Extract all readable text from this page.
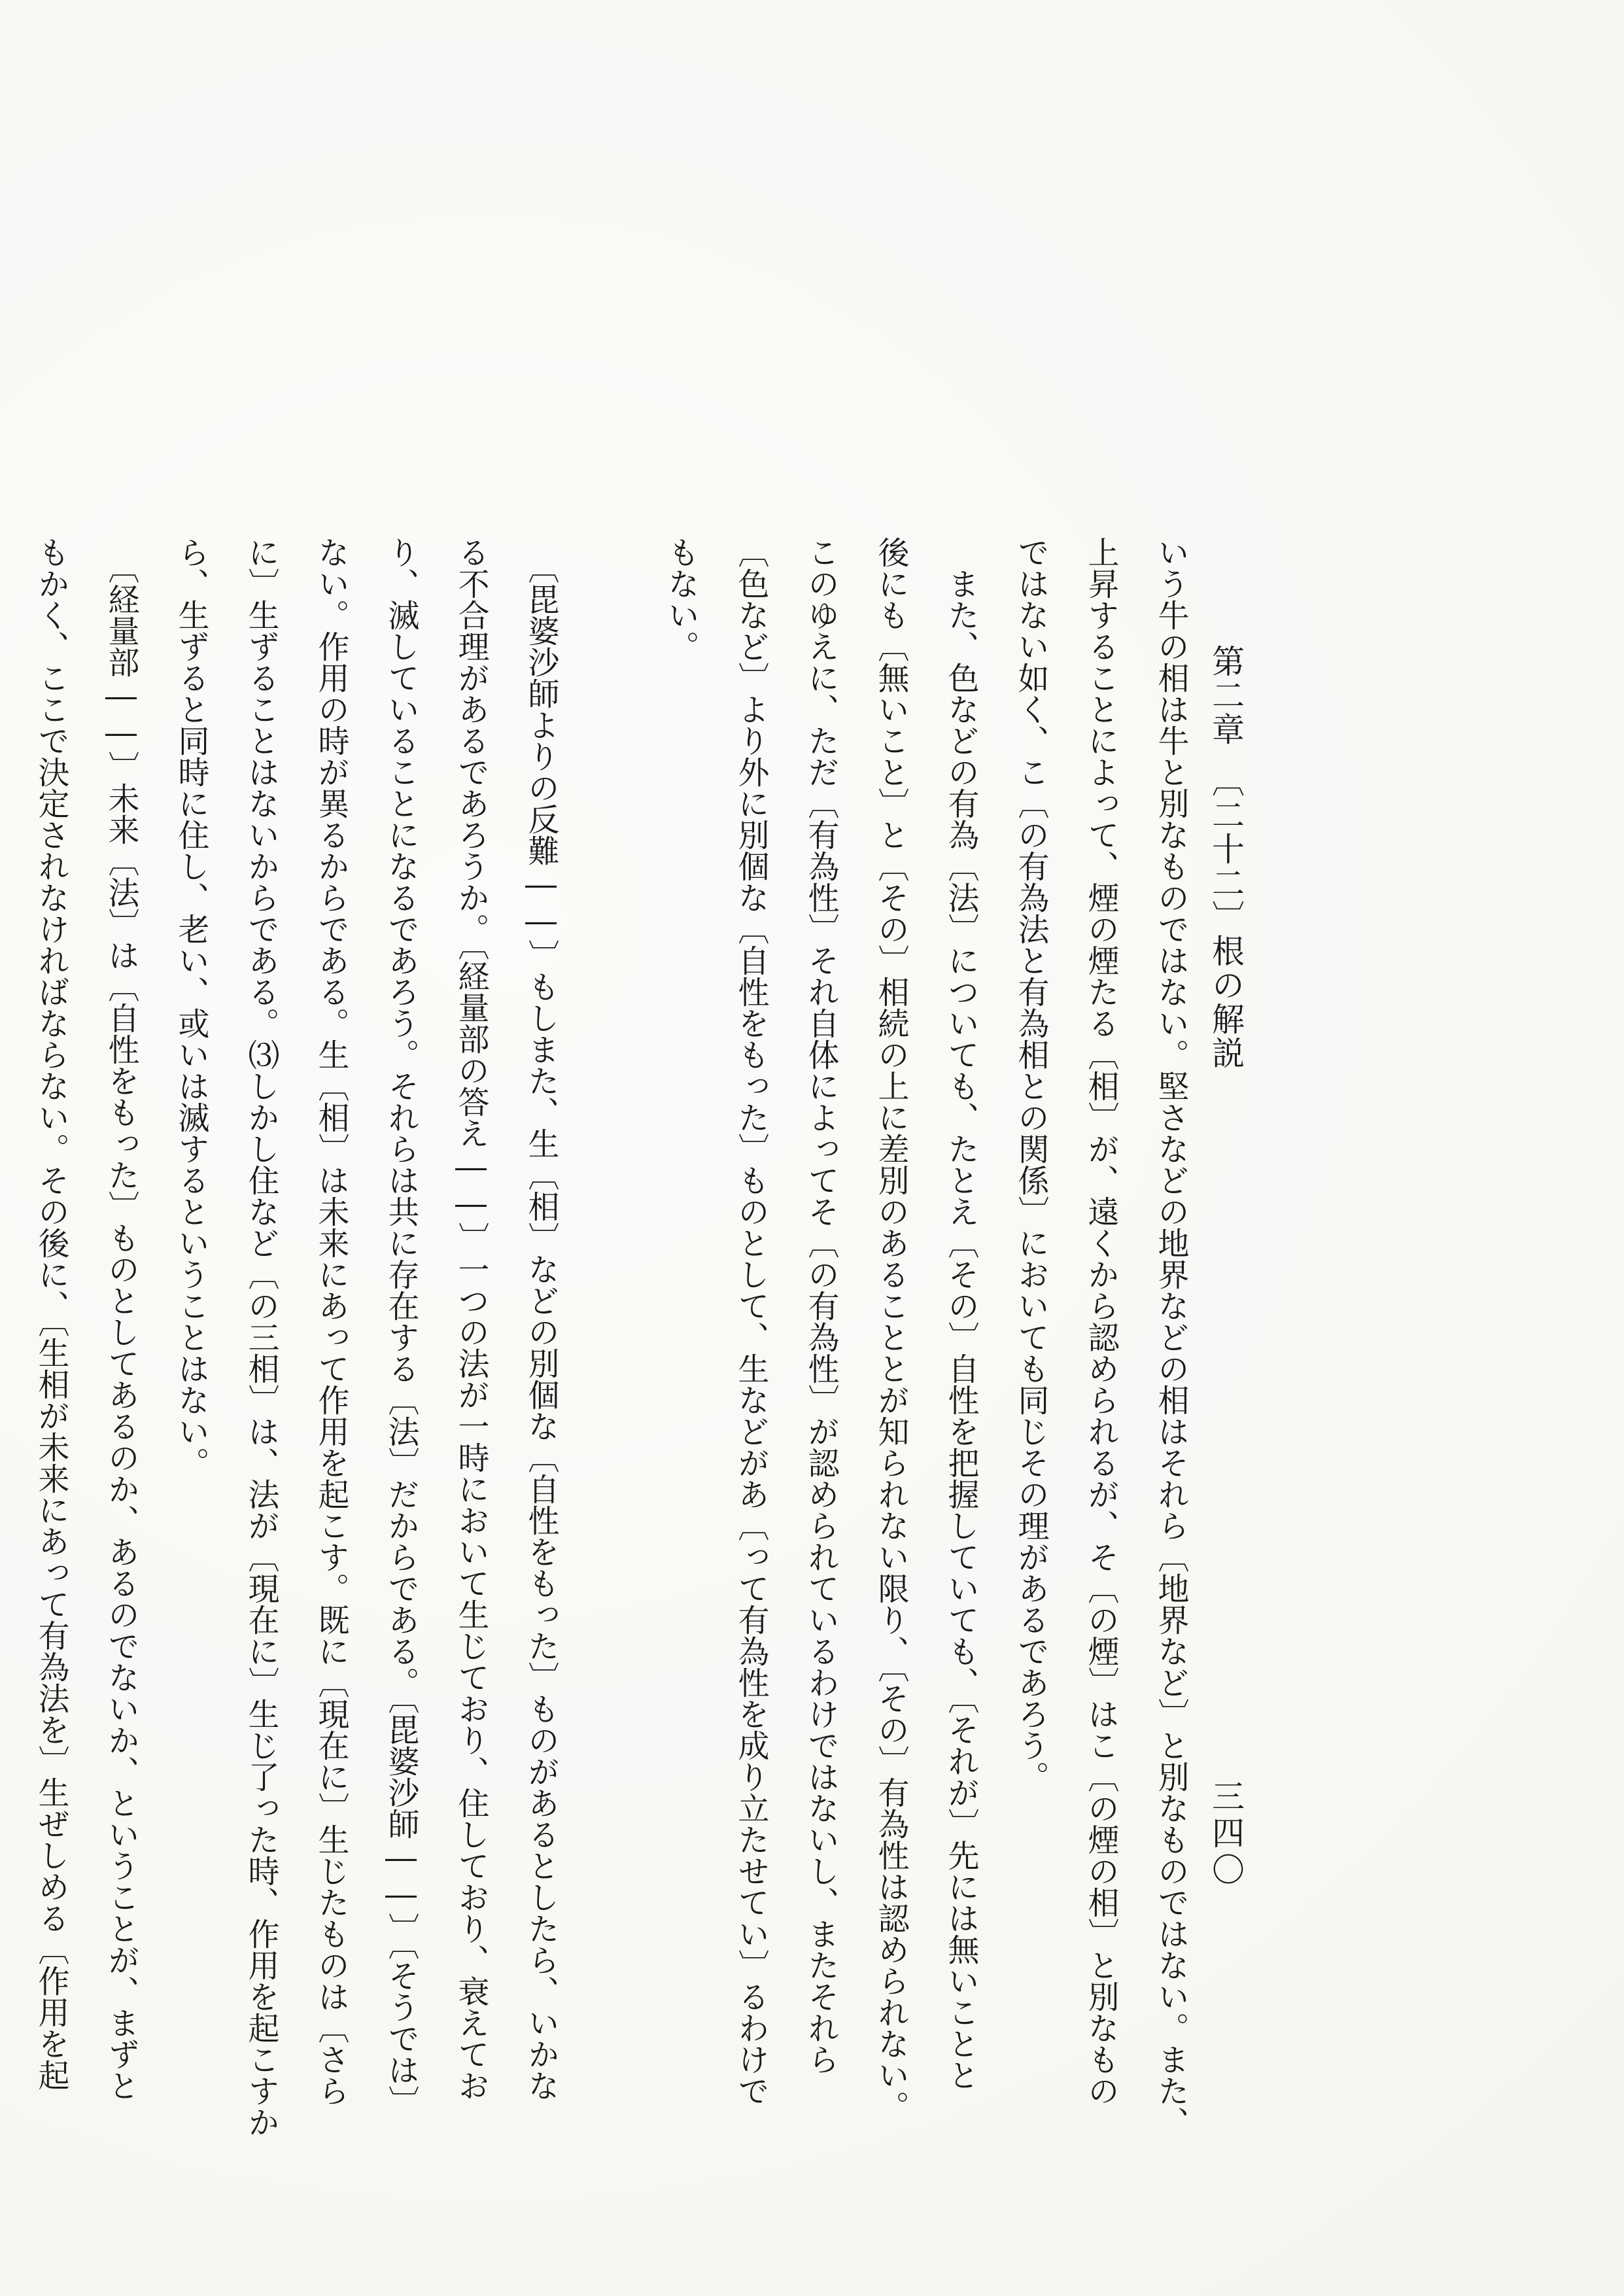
第二章　〔二十二〕根の解説
三四〇
いう牛の相は牛と別なものではない。堅さなどの地界などの相はそれら〔地界など〕と別なものではない。また、
上昇することによって、煙の煙たる〔相〕が、遠くから認められるが、そ〔の煙〕はこ〔の煙の相〕と別なもの
ではない如く、こ〔の有為法と有為相との関係〕においても同じその理があるであろう。
　また、色などの有為〔法〕についても、たとえ〔その〕自性を把握していても、〔それが〕先には無いことと
後にも〔無いこと〕と〔その〕相続の上に差別のあることとが知られない限り、〔その〕有為性は認められない。
このゆえに、ただ〔有為性〕それ自体によってそ〔の有為性〕が認められているわけではないし、またそれら
〔色など〕より外に別個な〔自性をもった〕ものとして、生などがあ〔って有為性を成り立たせてい〕るわけで
もない。
　〔毘婆沙師よりの反難――〕もしまた、生〔相〕などの別個な〔自性をもった〕ものがあるとしたら、いかな
る不合理があるであろうか。〔経量部の答え――〕一つの法が一時において生じており、住しており、衰えてお
り、滅していることになるであろう。それらは共に存在する〔法〕だからである。〔毘婆沙師――〕〔そうでは〕
ない。作用の時が異るからである。生〔相〕は未来にあって作用を起こす。既に〔現在に〕生じたものは〔さら
に〕生ずることはないからである。⑶しかし住など〔の三相〕は、法が〔現在に〕生じ了った時、作用を起こすか
ら、生ずると同時に住し、老い、或いは滅するということはない。
　〔経量部――〕未来〔法〕は〔自性をもった〕ものとしてあるのか、あるのでないか、ということが、まずと
もかく、ここで決定されなければならない。その後に、〔生相が未来にあって有為法を〕生ぜしめる〔作用を起
